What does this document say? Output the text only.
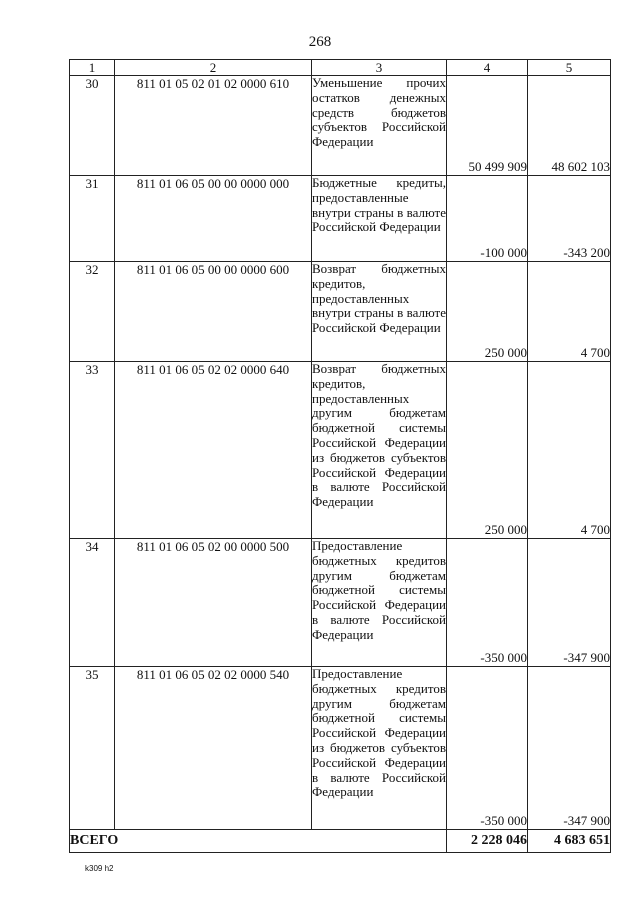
268
1	2	3	4	5
30	811 01 05 02 01 02 0000 610	Уменьшение прочих остатков денежных средств бюджетов субъектов Российской Федерации	50 499 909	48 602 103
31	811 01 06 05 00 00 0000 000	Бюджетные кредиты, предоставленные внутри страны в валюте Российской Федерации	-100 000	-343 200
32	811 01 06 05 00 00 0000 600	Возврат бюджетных кредитов, предоставленных внутри страны в валюте Российской Федерации	250 000	4 700
33	811 01 06 05 02 02 0000 640	Возврат бюджетных кредитов, предоставленных другим бюджетам бюджетной системы Российской Федерации из бюджетов субъектов Российской Федерации в валюте Российской Федерации	250 000	4 700
34	811 01 06 05 02 00 0000 500	Предоставление бюджетных кредитов другим бюджетам бюджетной системы Российской Федерации в валюте Российской Федерации	-350 000	-347 900
35	811 01 06 05 02 02 0000 540	Предоставление бюджетных кредитов другим бюджетам бюджетной системы Российской Федерации из бюджетов субъектов Российской Федерации в валюте Российской Федерации	-350 000	-347 900
ВСЕГО			2 228 046	4 683 651
k309 h2
